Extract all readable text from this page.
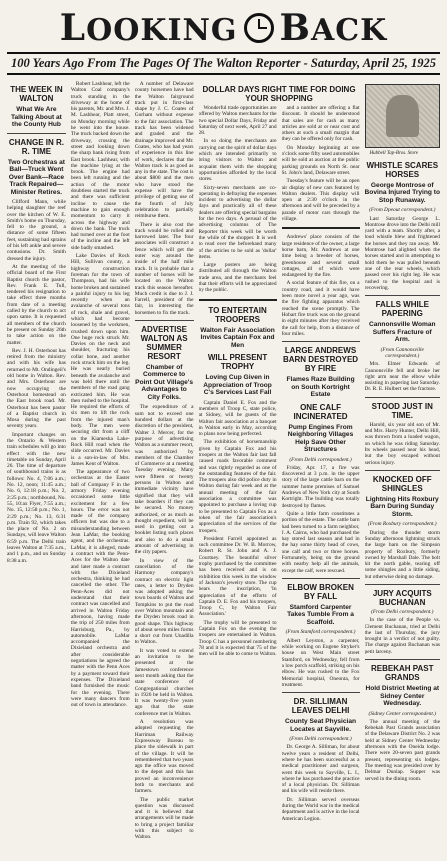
LOOKING BACK
100 Years Ago From The Pages Of The Walton Reporter - Saturday, April 25, 1925
THE WEEK IN WALTON
What We Are Talking About at the County Hub
CHANGE IN R. R. TIME
Two Orchestras at Ball—Truck Went Over Bank—Race Track Repaired—Minister Retires.

Clifford Mann, while helping slaughter the reef over the kitchen of W. E. Smith's home on Thursday, fell to the ground, a distance of some fifteen feet, sustaining bad sprains of his left ankle and severe contusions. Dr. Smith dressed the injury.

At the meeting of the official board of the First Baptist church the pastor, Rev. Frank E. Tull, tendered his resignation to take effect three months from date of a meeting called by the church to act upon same. It is requested all members of the church be present on Sunday 26th to take action on the matter.

Rev. J. H. Osterhout has retired from the ministry and with his wife has returned to Mt. Ondingeil's old home in Walton. Rev. and Mrs. Osterhout are now occupying the Osterhout homestead on the East brook road. Mr. Osterhout has been pastor of a Baptist church in Mosa during the past seventy years.

Important changes on the Ontario & Western train schedules will go into effect with the new timetable on Sunday, April 26. The time of departure of southbound trains is as follows: No. 4, 7:06 a.m.; No. 12, noon; 11:45 a.m.; No. 6, 12:18 p.m.; No. 2, 2:25 p.m.; northbound, No. 55, 10:ax Flyer, 7:55 a.m.; No. 15, 12:58 p.m.; No. 1, 2:29 p.m.; No. 13, 6:31 p.m. Train 92, which takes the place of No. 2 on Sundays, will leave Walton 6:59 p.m. The Delhi train leaves Walton at 7:35 a.m., and 1 p.m., and on Sunday 8:38 a.m.

Robert Lashhear, left the Walton Coal company's truck standing in the driveway at the home of his parents, Mr. and Mrs. J. M. Lashhear, Platt street, on Monday morning while he went into the house. The truck backed down the driveway, crossing the street and looking down the sharp bank rising from East brook. Lashhear, with the machine lying at the brook. The engine had been left running and the action of the motor doubtless started the truck and there was sufficient incline to cause the machine to gain enough momentum to carry it across the highway and down the bank. The truck had turned over at the foot of the incline and the left side badly smashed.

Lake Davies of Rock Hill, Sullivan county, a highway construction foreman for the town of Thompson, had his wife home broken and sustained a painful injury to his leg recently when an avalanche of several tons of rock, shale and gravel, which had become loosened by the workmen, crushed down upon him. One huge rock struck Mr. Davies on the neck and shoulder, fracturing his collar bone, and another rock struck him on the leg. He was nearly buried beneath the avalanche and was held there until the members of the road gang extricated him. He was then rushed to the hospital. He required the efforts of six men to lift the rock from the injured man's body. The men were securing dirt from a cliff on the Kiamesha Lake-Rock Hill road when the slide occurred. Mr. Davies is a son-in-law of Mrs. James Kent of Walton.

The appearance of two orchestras at the Easter ball of Company F in the armory Friday evening occasioned some little excitement for a few hours. The error was not made of the company officers but was due to a misunderstanding between Jean LaMar, the booking agent, and the orchestras. LaMar, it is alleged, made a contract with the Penn-Aces for the Walton date and later made a contract with the Dixieland orchestra, thinking he had cancelled the other. The Penn-Aces did not understand that their contract was cancelled and arrived in Walton Friday afternoon, having made the trip of 250 miles from Harrisburg, Pa., by automobile. LaMar accompanied the Dixieland orchestra and after considerable negotiations he agreed the matter with the Penn Aces by a payment toward their expenses. The Dixieland band furnished the music for the evening. There were many dancers from out of town in attendance.

A number of Delaware county horsemen have had the Walton fairground track put in first-class shape by J. C. Coates of Gorham without expense to the fair association. The track has been widened and graded and the drainage improved and Mr. Coates, who has had years of experience in this line of work, declares that the Walton track is as good as any in the state. The cost is about $800 and the men who have stood the expense will have the privilege of getting use of the fourth of July celebration to partially reimburse them.

There is also cost the track would be rolled and harrowed later. The four associates will construct a fence which will get the outer way around the inside of the half mile track. It is probable that a number of horses will be located on the Walton track this season hereafter. Much credit is due to J. J. Farrell, president of the fair, in interesting the horsemen to fix the track.

ADVERTISE WALTON AS SUMMER RESORT
Chamber of Commerce to Point Out Village's Advantages to City Folks.

The expenditure of a sum not to exceed one hundred dollars at the discretion of the president, Walter J. Mercer, for the purpose of advertising Walton as a summer resort, was authorized by members of the Chamber of Commerce at a meeting Tuesday evening. Many were fifteen or twenty persons in Walton and immediate vicinity have signified that they will take boarders if they can be secured. No money authorized, or as much as thought expedient, will be used in getting out a booklet listing such places and also to do a small amount of advertising in the city papers.

In view of the cancellation of the Harmony company's contract on electric light rates, a letter to Dryden was adopted asking the town boards of Walton and Tompkins to put the road over Walton mountain and the Dryden brook road in good shape. This highway of about seven miles forms a short cut from Unadilla to Walton.

It was voted to extend an invitation to be presented at the Jamestown conference next month asking that the state conference of Congregational churches in 1926 be held in Walton. It was twenty-five years ago that the state conference met in Walton.

A resolution was adopted requesting the Harriman Railway Expressway Bureau to place the sidewalk in part of the village. It will be remembered that two years ago the office was moved to the depot and this has proved an inconvenience both to merchants and farmers.

The public market question was discussed and it is believed that arrangements will be made to bring a project familiar with this subject to Walton.

DOLLAR DAYS RIGHT TIME FOR DOING YOUR SHOPPING

Wonderful trade opportunities are offered by Walton merchants for the two special Dollar Days, Friday and Saturday of next week, April 27 and 28.

In so doing the merchants are carrying out the spirit of dollar days which are intended primarily to bring visitors to Walton and acquaint them with the shopping opportunities afforded by the local stores.

Sixty-seven merchants are co-operating in defraying the expenses incident to advertising the dollar days and practically all of these dealers are offering special bargains for the two days. A perusal of the advertising columns of The Reporter this week will be worth the while of the shopper. It is well to read over the beforehand many of the articles to be sold as 'dollar' items.

Large posters are being distributed all through the Walton trade area, and the merchants feel that their efforts will be appreciated by the public.

TO ENTERTAIN TROOPERS
Walton Fair Association Invites Captain Fox and Men
WILL PRESENT TROPHY
Loving Cup Given in Appreciation of Troop C's Services Last Fall

Captain Daniel E. Fox and the members of Troop C, state police, at Sidney, will be guests of the Walton fair association at a banquet in Walton early in May, according to plans now being perfected.

The exhibition of horsemanship given by Captain Fox and his troopers at the Walton fair last fall caused roads favorable comment and was rightly regarded as one of the outstanding features of the fair. The troopers also did police duty in Walton during fair week and at the annual meeting of the fair association a committee was appointed to purchase a loving cup to be presented to Captain Fox as a token of the fair association's appreciation of the services of the troopers.

President Farrell appointed as such committee Dr. W. B. Morrow, Robert R. St. John and A. J. Courtney. The beautiful silver trophy purchased by the committee has been received and is on exhibition this week in the window of Jackson's jewelry store. The cup bears the inscription, 'In appreciation of the efforts of Captain D. E. Fox and his troopers, Troop C, by Walton Fair Association.'

The trophy will be presented to Captain Fox on the evening the troopers are entertained in Walton. Troop C has a personnel numbering 78 and it is expected that 75 of the men will be able to come to Walton.

and a number are offering a flat discount. It should be understood that sales are for cash as many articles are sold at or near cost and others at such a small margin that they can be offered only for cash.

On Monday beginning at one o'clock some fifty used automobiles will be sold at auction at the public parking grounds on North St. near St. John's land, Delaware street.

Tuesday's feature will be an open air display of new cars featured by Walton dealers. This display will open at 2:30 o'clock in the afternoon and will be preceded by a parade of motor cars through the village.

Andrews' place consists of the large residence of the owner, a large horse barn, Mr. Andrews at one time being a breeder of horses, greenhouse and several small cottages, all of which were endangered by the fire.

A social feature of this fire, on a country road, and it would have been more novel a year ago, was the fire fighting apparatus which reached the scene promptly. The Hobart fire truck was on the ground in eight minutes after they received the call for help, from a distance of four miles.

LARGE ANDREWS BARN DESTROYED BY FIRE
Flames Raze Building on South Kortright Estate
ONE CALF INCINERATED
Pump Engines From Neighboring Villages Help Save Other Structures

(From Delhi correspondent.)

Friday, Apr. 17, a fire was discovered at 3 p.m. in the upper story of the large cattle barn on the summer home premises of Samuel Andrews of New York city at South Kortright. The building was totally destroyed by flames.

Quite a little farm constitutes a portion of the estate. The cattle barn had been turned to a farm neighbor, J. A. Cairns, who had purchased the hay stored last season and had in the hay some thirty head of cows, one calf and two or three horses. Fortunately, being on the ground with nearby help all the animals, except the calf, were rescued.

ELBOW BROKEN BY FALL
Stamford Carpenter Takes Tumble From a Scaffold.

(From Stamford correspondent.)

Albert Leyston, a carpenter, while working on Eugene Stryker's house on West Main street Stamford, on Wednesday, fell from a low porch scaffold, striking on his elbow. He was rushed to the Fox Memorial hospital, Oneonta, for treatment.

DR. SILLIMAN LEAVES DELHI
County Seat Physician Locates at Sayville.

(From Delhi correspondent.)

Dr. George A. Silliman, for about twelve years a resident of Delhi, where he has been successful as a medical practitioner and surgeon, went this week to Sayville, L. I., where he has purchased the practice of a local physician. Dr. Silliman and his wife will reside there.

Dr. Silliman served overseas during the World war in the medical department and is active in the local American Legion.

Hubbell Tap-Bros. Store

WHISTLE SCARES HORSES
George Montrose of Bovina Injured Trying to Stop Runaway.

(From Dpeout correspondent.)

Last Saturday George L. Montrose drove into the Delhi mill yard with a team. Shortly after, a loud whistle blew and frightened the horses and they ran away. Mr. Montrose had alighted when the horses started and in attempting to hold them he was pulled beneath one of the rear wheels, which passed over his right leg. He was rushed to the hospital and is recovering.

FALLS WHILE PAPERING
Cannonsville Woman Suffers Fracture of Arm.

(From Cannonsville correspondent.)

Mrs. Elmer Edwards of Cannonsville fell and broke her right arm near the elbow while assisting in papering last Saturday. Dr. R. E. Hulbert set the fracture.

STOOD JUST IN TIME.

Harold, six year old son of Mr. and Mrs. Harry Hunter, Delhi Hill, was thrown from a loaded wagon, on which he was riding Saturday. Its wheels passed near his head, but the boy escaped without serious injury.

KNOCKED OFF SHINGLES
Lightning Hits Roxbury Barn During Sunday Storm.

(From Roxbury correspondent.)

During the thunder storm Sunday afternoon lightning struck the large barn on the Simpson property of Roxbury, formerly owned by Marshall Dale. The bolt hit the north gable, tearing off some shingles and a little siding, but otherwise doing no damage.

JURY ACQUITS BUCHANAN

(From Delhi correspondent.)

In the case of the People vs. Clement Buchanan, tried at Delhi the last of Thursday, the jury brought in a verdict of not guilty. The charge against Buchanan was petit larceny.

REBEKAH PAST GRANDS
Hold District Meeting at Sidney Center Wednesday.

(Sidney Center correspondent.)

The annual meeting of the Rebekah Past Grands association of the Delaware District No. 2 was held at Sidney Center Wednesday afternoon with the Oneida lodge. There were 20-seven past grands present, representing six lodges. The meeting was presided over by Delmar Dunlap. Supper was served in the dining room.
